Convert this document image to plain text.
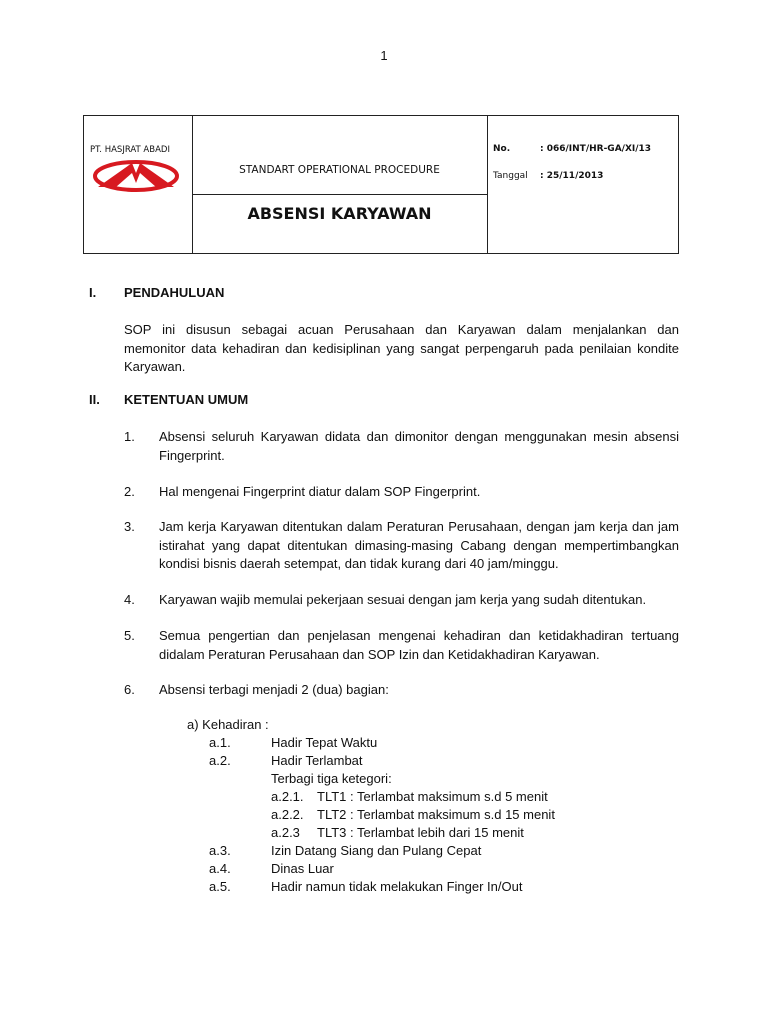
1
PT. HASJRAT ABADI
STANDART OPERATIONAL PROCEDURE
ABSENSI KARYAWAN
No.	: 066/INT/HR-GA/XI/13
Tanggal : 25/11/2013
I. PENDAHULUAN
SOP ini disusun sebagai acuan Perusahaan dan Karyawan dalam menjalankan dan
memonitor data kehadiran dan kedisiplinan yang sangat perpengaruh pada penilaian kondite
Karyawan.
II. KETENTUAN UMUM
1. Absensi seluruh Karyawan didata dan dimonitor dengan menggunakan mesin absensi
Fingerprint.
2. Hal mengenai Fingerprint diatur dalam SOP Fingerprint.
3. Jam kerja Karyawan ditentukan dalam Peraturan Perusahaan, dengan jam kerja dan jam
istirahat yang dapat ditentukan dimasing-masing Cabang dengan mempertimbangkan
kondisi bisnis daerah setempat, dan tidak kurang dari 40 jam/minggu.
4. Karyawan wajib memulai pekerjaan sesuai dengan jam kerja yang sudah ditentukan.
5. Semua pengertian dan penjelasan mengenai kehadiran dan ketidakhadiran tertuang
didalam Peraturan Perusahaan dan SOP Izin dan Ketidakhadiran Karyawan.
6. Absensi terbagi menjadi 2 (dua) bagian:
a) Kehadiran :
a.1.	Hadir Tepat Waktu
a.2.	Hadir Terlambat
Terbagi tiga ketegori:
a.2.1. TLT1 : Terlambat maksimum s.d 5 menit
a.2.2. TLT2 : Terlambat maksimum s.d 15 menit
a.2.3 TLT3 : Terlambat lebih dari 15 menit
a.3.	Izin Datang Siang dan Pulang Cepat
a.4.	Dinas Luar
a.5.	Hadir namun tidak melakukan Finger In/Out
